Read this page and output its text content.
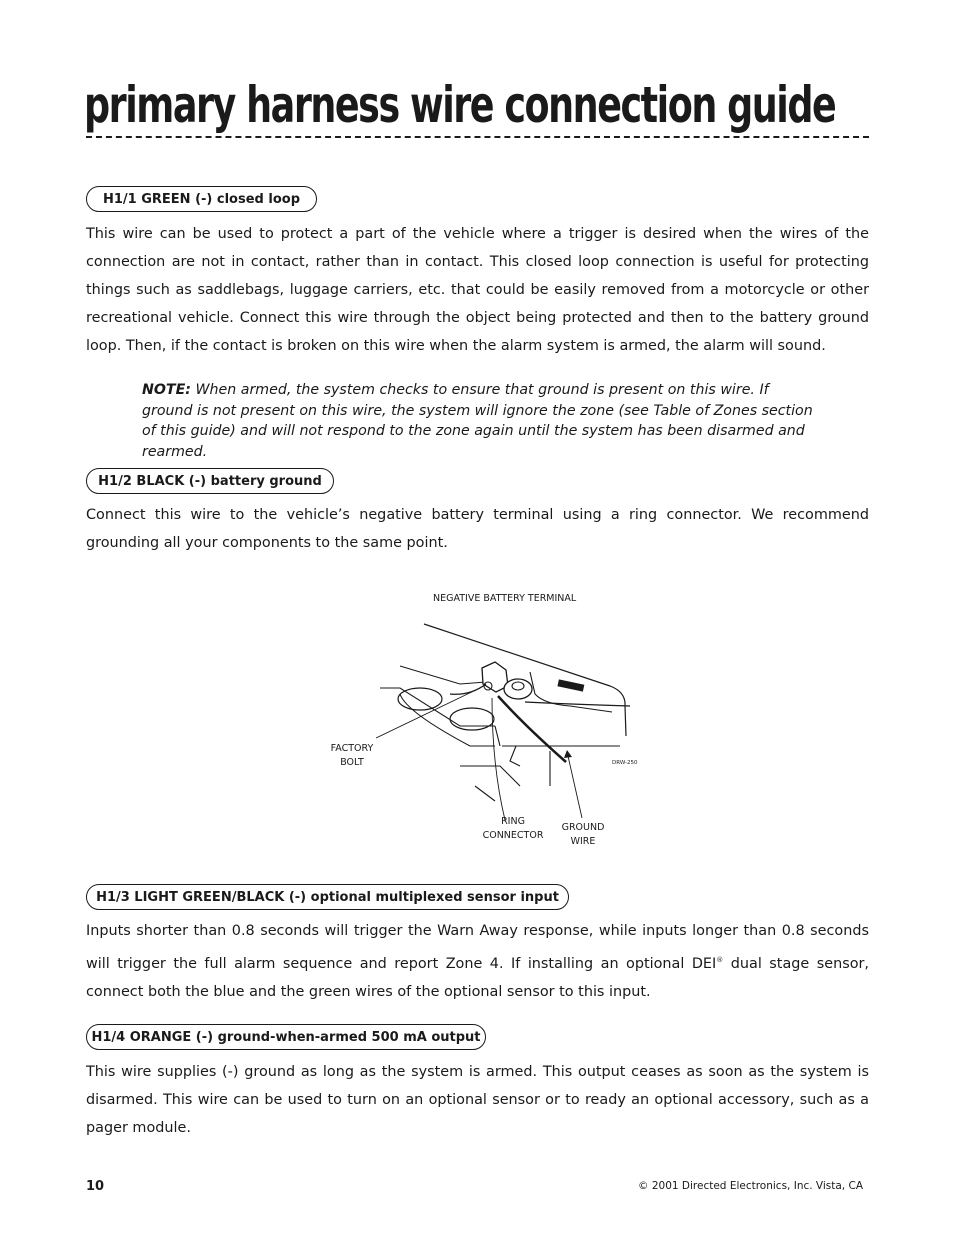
primary harness wire connection guide
H1/1 GREEN (-) closed loop

This wire can be used to protect a part of the vehicle where a trigger is desired when the wires of the connection are not in contact, rather than in contact. This closed loop connection is useful for protecting things such as saddlebags, luggage carriers, etc. that could be easily removed from a motorcycle or other recreational vehicle. Connect this wire through the object being protected and then to the battery ground loop. Then, if the contact is broken on this wire when the alarm system is armed, the alarm will sound.

NOTE: When armed, the system checks to ensure that ground is present on this wire. If ground is not present on this wire, the system will ignore the zone (see Table of Zones section of this guide) and will not respond to the zone again until the system has been disarmed and rearmed.

H1/2 BLACK (-) battery ground

Connect this wire to the vehicle’s negative battery terminal using a ring connector. We recommend grounding all your components to the same point.

NEGATIVE BATTERY TERMINAL
FACTORY
BOLT
RING
CONNECTOR
GROUND
WIRE
DRW-250
H1/3 LIGHT GREEN/BLACK (-) optional multiplexed sensor input

Inputs shorter than 0.8 seconds will trigger the Warn Away response, while inputs longer than 0.8 seconds will trigger the full alarm sequence and report Zone 4. If installing an optional DEI® dual stage sensor, connect both the blue and the green wires of the optional sensor to this input.

H1/4 ORANGE (-) ground-when-armed 500 mA output

This wire supplies (-) ground as long as the system is armed. This output ceases as soon as the system is disarmed. This wire can be used to turn on an optional sensor or to ready an optional accessory, such as a pager module.

10	© 2001 Directed Electronics, Inc. Vista, CA
